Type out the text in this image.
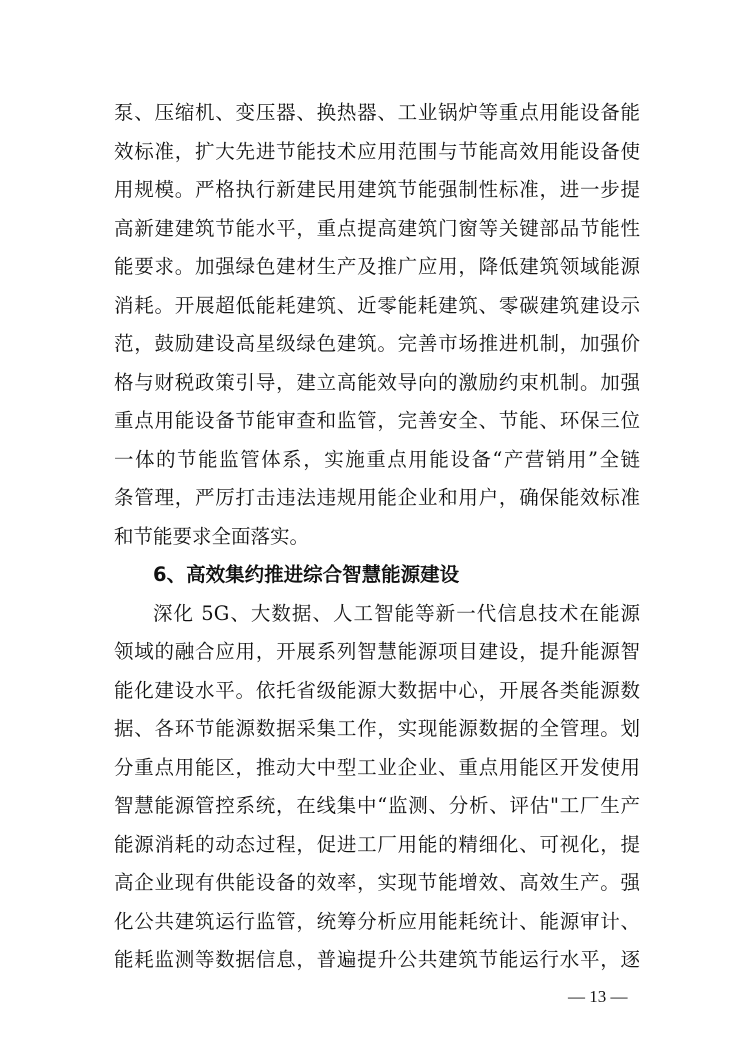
泵、压缩机、变压器、换热器、工业锅炉等重点用能设备能
效标准，扩大先进节能技术应用范围与节能高效用能设备使
用规模。严格执行新建民用建筑节能强制性标准，进一步提
高新建建筑节能水平，重点提高建筑门窗等关键部品节能性
能要求。加强绿色建材生产及推广应用，降低建筑领域能源
消耗。开展超低能耗建筑、近零能耗建筑、零碳建筑建设示
范，鼓励建设高星级绿色建筑。完善市场推进机制，加强价
格与财税政策引导，建立高能效导向的激励约束机制。加强
重点用能设备节能审查和监管，完善安全、节能、环保三位
一体的节能监管体系，实施重点用能设备“产营销用”全链
条管理，严厉打击违法违规用能企业和用户，确保能效标准
和节能要求全面落实。
6、高效集约推进综合智慧能源建设
深化 5G、大数据、人工智能等新一代信息技术在能源
领域的融合应用，开展系列智慧能源项目建设，提升能源智
能化建设水平。依托省级能源大数据中心，开展各类能源数
据、各环节能源数据采集工作，实现能源数据的全管理。划
分重点用能区，推动大中型工业企业、重点用能区开发使用
智慧能源管控系统，在线集中“监测、分析、评估"工厂生产
能源消耗的动态过程，促进工厂用能的精细化、可视化，提
高企业现有供能设备的效率，实现节能增效、高效生产。强
化公共建筑运行监管，统筹分析应用能耗统计、能源审计、
能耗监测等数据信息，普遍提升公共建筑节能运行水平，逐
— 13 —
